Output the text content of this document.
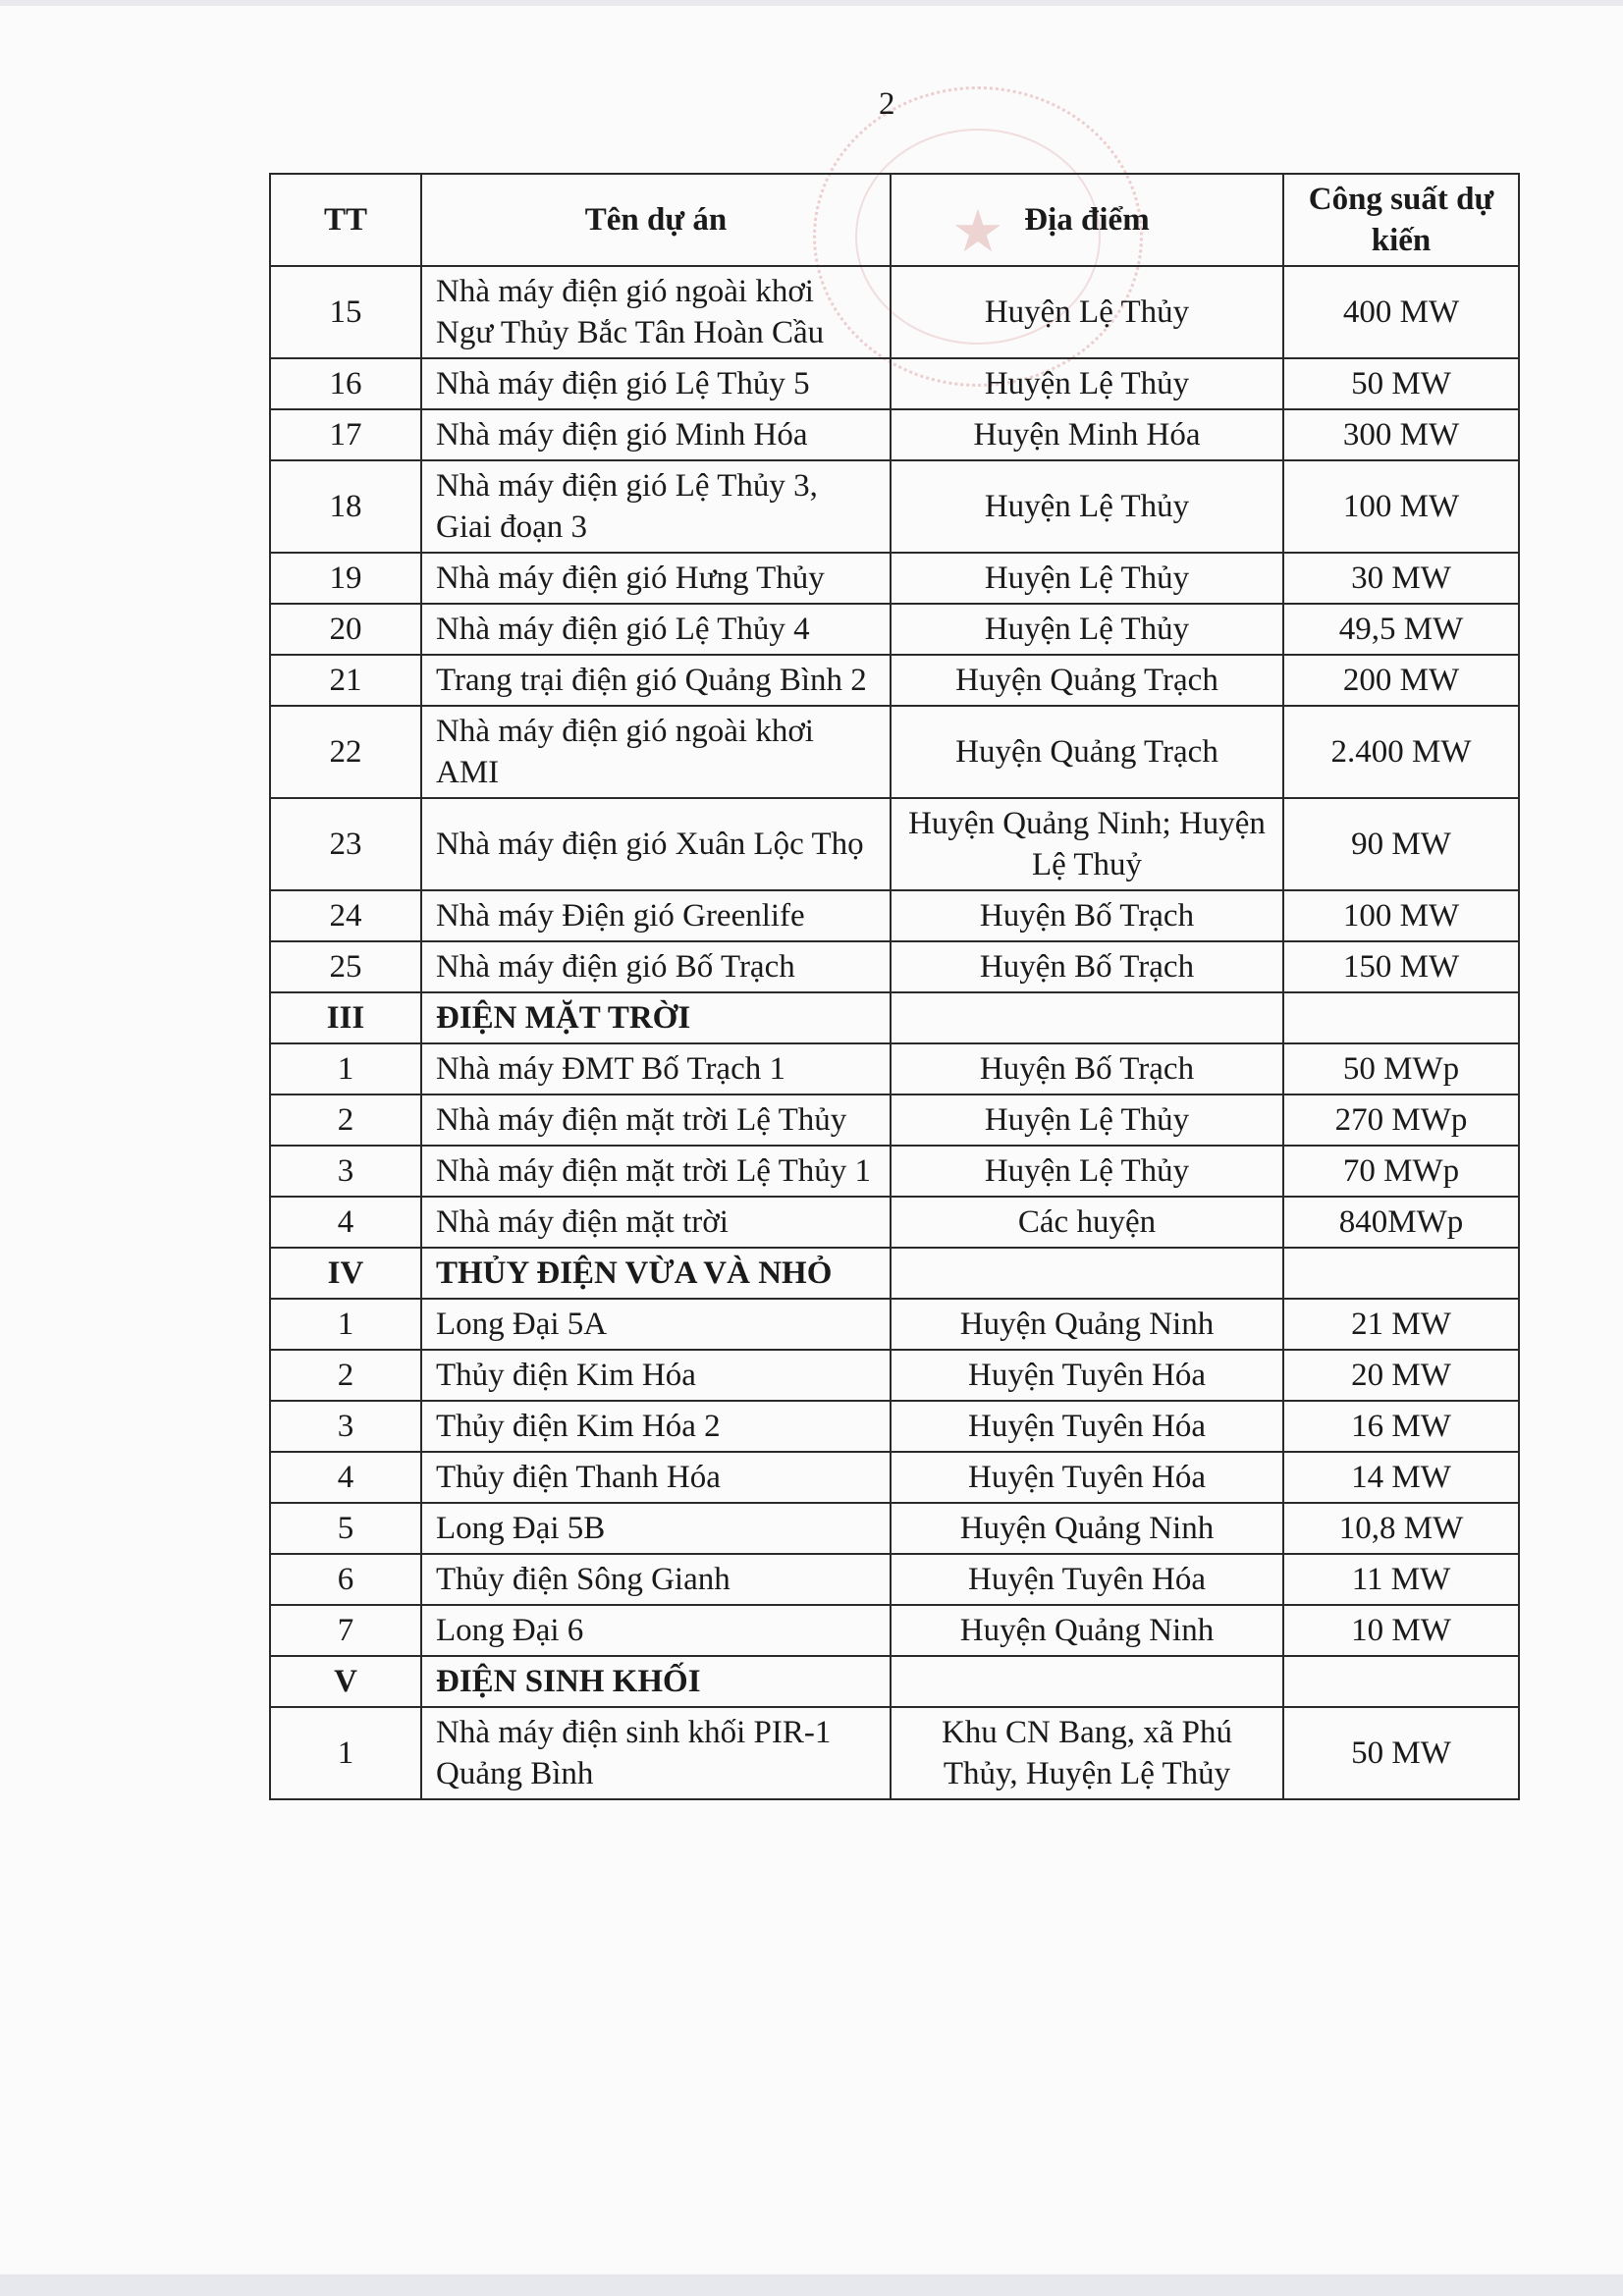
★
2
TT	Tên dự án	Địa điểm	Công suất dự kiến
15	Nhà máy điện gió ngoài khơi Ngư Thủy Bắc Tân Hoàn Cầu	Huyện Lệ Thủy	400 MW
16	Nhà máy điện gió Lệ Thủy 5	Huyện Lệ Thủy	50 MW
17	Nhà máy điện gió Minh Hóa	Huyện Minh Hóa	300 MW
18	Nhà máy điện gió Lệ Thủy 3, Giai đoạn 3	Huyện Lệ Thủy	100 MW
19	Nhà máy điện gió Hưng Thủy	Huyện Lệ Thủy	30 MW
20	Nhà máy điện gió Lệ Thủy 4	Huyện Lệ Thủy	49,5 MW
21	Trang trại điện gió Quảng Bình 2	Huyện Quảng Trạch	200 MW
22	Nhà máy điện gió ngoài khơi AMI	Huyện Quảng Trạch	2.400 MW
23	Nhà máy điện gió Xuân Lộc Thọ	Huyện Quảng Ninh; Huyện Lệ Thuỷ	90 MW
24	Nhà máy Điện gió Greenlife	Huyện Bố Trạch	100 MW
25	Nhà máy điện gió Bố Trạch	Huyện Bố Trạch	150 MW
III	ĐIỆN MẶT TRỜI		
1	Nhà máy ĐMT Bố Trạch 1	Huyện Bố Trạch	50 MWp
2	Nhà máy điện mặt trời Lệ Thủy	Huyện Lệ Thủy	270 MWp
3	Nhà máy điện mặt trời Lệ Thủy 1	Huyện Lệ Thủy	70 MWp
4	Nhà máy điện mặt trời	Các huyện	840MWp
IV	THỦY ĐIỆN VỪA VÀ NHỎ		
1	Long Đại 5A	Huyện Quảng Ninh	21 MW
2	Thủy điện Kim Hóa	Huyện Tuyên Hóa	20 MW
3	Thủy điện Kim Hóa 2	Huyện Tuyên Hóa	16 MW
4	Thủy điện Thanh Hóa	Huyện Tuyên Hóa	14 MW
5	Long Đại 5B	Huyện Quảng Ninh	10,8 MW
6	Thủy điện Sông Gianh	Huyện Tuyên Hóa	11 MW
7	Long Đại 6	Huyện Quảng Ninh	10 MW
V	ĐIỆN SINH KHỐI		
1	Nhà máy điện sinh khối PIR-1 Quảng Bình	Khu CN Bang, xã Phú Thủy, Huyện Lệ Thủy	50 MW
